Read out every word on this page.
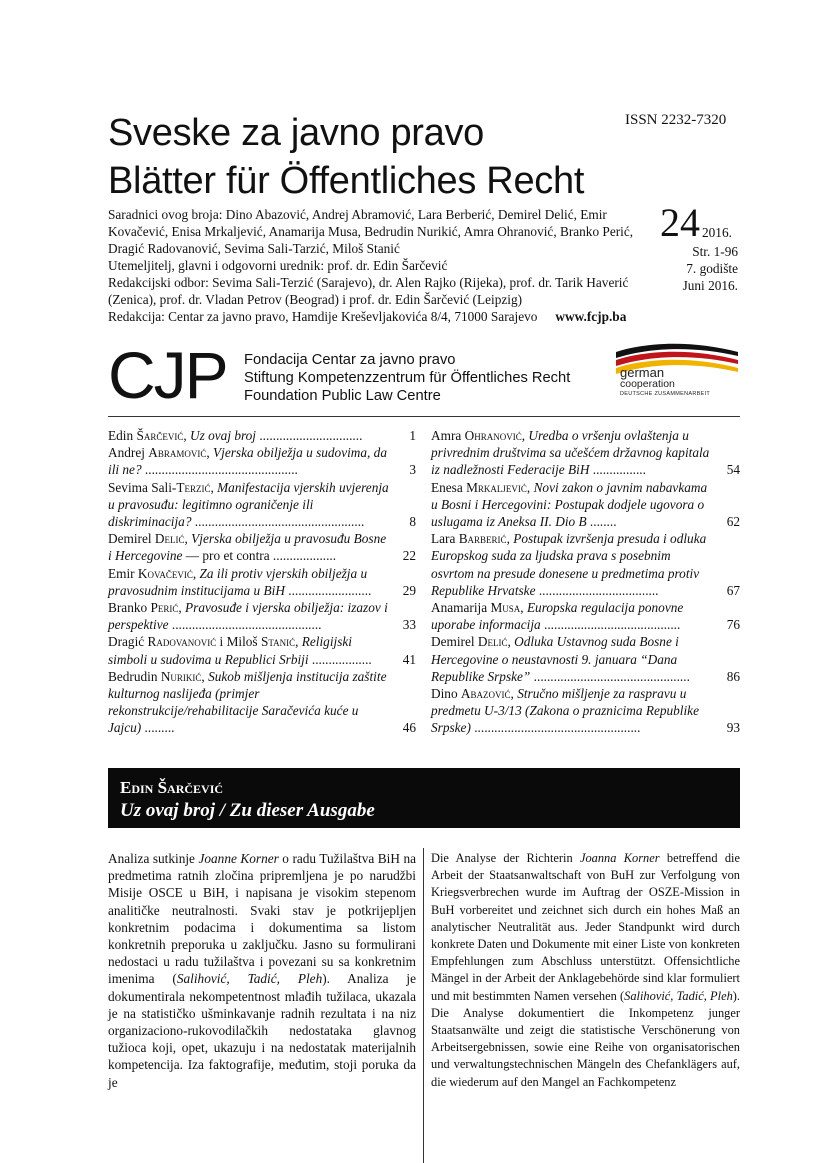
ISSN 2232-7320
Sveske za javno pravo
Blätter für Öffentliches Recht

Saradnici ovog broja: Dino Abazović, Andrej Abramović, Lara Berberić, Demirel Delić, Emir Kovačević, Enisa Mrkaljević, Anamarija Musa, Bedrudin Nurikić, Amra Ohranović, Branko Perić, Dragić Radovanović, Sevima Sali-Tarzić, Miloš Stanić

Utemeljitelj, glavni i odgovorni urednik: prof. dr. Edin Šarčević

Redakcijski odbor: Sevima Sali-Terzić (Sarajevo), dr. Alen Rajko (Rijeka), prof. dr. Tarik Haverić (Zenica), prof. dr. Vladan Petrov (Beograd) i prof. dr. Edin Šarčević (Leipzig)

Redakcija: Centar za javno pravo, Hamdije Kreševljakovića 8/4, 71000 Sarajevo www.fcjp.ba

24 2016.
Str. 1-96
7. godište
Juni 2016.
CJP Fondacija Centar za javno pravo
Stiftung Kompetenzzentrum für Öffentliches Recht
Foundation Public Law Centre
german
cooperation
DEUTSCHE ZUSAMMENARBEIT
Edin Šarčević, Uz ovaj broj ...............................	1
Andrej Abramović, Vjerska obilježja u sudovima, da ili ne? ..............................................	3
Sevima Sali-Terzić, Manifestacija vjerskih uvjerenja u pravosuđu: legitimno ograničenje ili diskriminacija? ...................................................	8
Demirel Delić, Vjerska obilježja u pravosuđu Bosne i Hercegovine — pro et contra ...................	22
Emir Kovačević, Za ili protiv vjerskih obilježja u pravosudnim institucijama u BiH ......................... 29
Branko Perić, Pravosuđe i vjerska obilježja: izazov i perspektive .............................................	33
Dragić Radovanović i Miloš Stanić, Religijski simboli u sudovima u Republici Srbiji .................. 41
Bedrudin Nurikić, Sukob mišljenja institucija zaštite kulturnog naslijeđa (primjer rekonstrukcije/rehabilitacije Saračevića kuće u Jajcu) .........	46
Amra Ohranović, Uredba o vršenju ovlaštenja u privrednim društvima sa učešćem državnog kapitala iz nadležnosti Federacije BiH ................	54
Enesa Mrkaljević, Novi zakon o javnim nabavkama u Bosni i Hercegovini: Postupak dodjele ugovora o uslugama iz Aneksa II. Dio B ........	62
Lara Barberić, Postupak izvršenja presuda i odluka Europskog suda za ljudska prava s posebnim osvrtom na presude donesene u predmetima protiv Republike Hrvatske ....................................	67
Anamarija Musa, Europska regulacija ponovne uporabe informacija .........................................	76
Demirel Delić, Odluka Ustavnog suda Bosne i Hercegovine o neustavnosti 9. januara “Dana Republike Srpske” ...............................................	86
Dino Abazović, Stručno mišljenje za raspravu u predmetu U-3/13 (Zakona o praznicima Republike Srpske) ..................................................	93
Edin Šarčević
Uz ovaj broj / Zu dieser Ausgabe
Analiza sutkinje Joanne Korner o radu Tužilaštva BiH na predmetima ratnih zločina pripremljena je po narudžbi Misije OSCE u BiH, i napisana je visokim stepenom analitičke neutralnosti. Svaki stav je potkrijepljen konkretnim podacima i dokumentima sa listom konkretnih preporuka u zaključku. Jasno su formulirani nedostaci u radu tužilaštva i povezani su sa konkretnim imenima (Salihović, Tadić, Pleh). Analiza je dokumentirala nekompetentnost mlađih tužilaca, ukazala je na statističko ušminkavanje radnih rezultata i na niz organizaciono-rukovodilačkih nedostataka glavnog tužioca koji, opet, ukazuju i na nedostatak materijalnih kompetencija. Iza faktografije, međutim, stoji poruka da je
Die Analyse der Richterin Joanna Korner betreffend die Arbeit der Staatsanwaltschaft von BuH zur Verfolgung von Kriegsverbrechen wurde im Auftrag der OSZE-Mission in BuH vorbereitet und zeichnet sich durch ein hohes Maß an analytischer Neutralität aus. Jeder Standpunkt wird durch konkrete Daten und Dokumente mit einer Liste von konkreten Empfehlungen zum Abschluss unterstützt. Offensichtliche Mängel in der Arbeit der Anklagebehörde sind klar formuliert und mit bestimmten Namen versehen (Salihović, Tadić, Pleh). Die Analyse dokumentiert die Inkompetenz junger Staatsanwälte und zeigt die statistische Verschönerung von Arbeitsergebnissen, sowie eine Reihe von organisatorischen und verwaltungstechnischen Mängeln des Chefanklägers auf, die wiederum auf den Mangel an Fachkompetenz
